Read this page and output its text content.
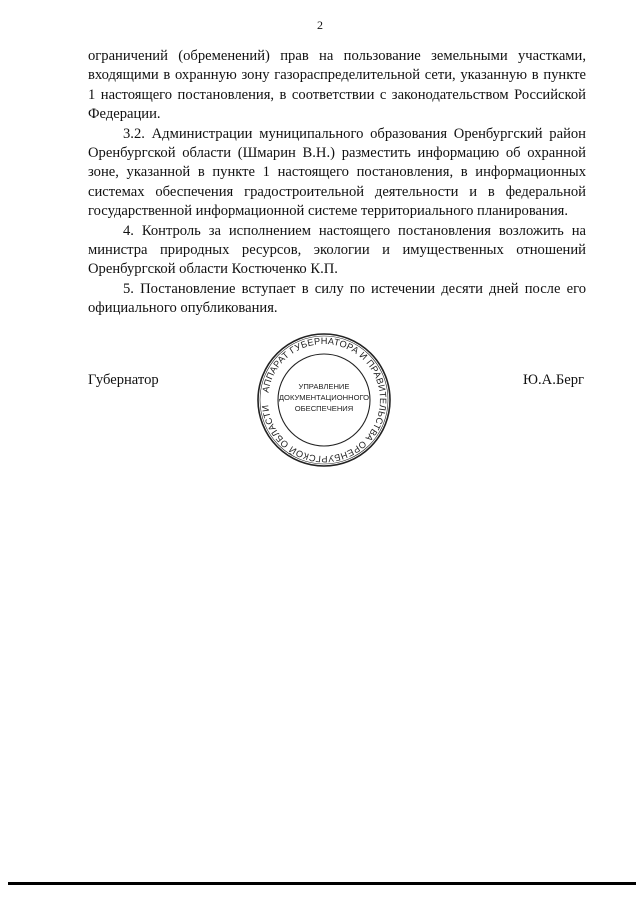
2

ограничений (обременений) прав на пользование земельными участками, входящими в охранную зону газораспределительной сети, указанную в пункте 1 настоящего постановления, в соответствии с законодательством Российской Федерации.

3.2. Администрации муниципального образования Оренбургский район Оренбургской области (Шмарин В.Н.) разместить информацию об охранной зоне, указанной в пункте 1 настоящего постановления, в информационных системах обеспечения градостроительной деятельности и в федеральной государственной информационной системе территориального планирования.

4. Контроль за исполнением настоящего постановления возложить на министра природных ресурсов, экологии и имущественных отношений Оренбургской области Костюченко К.П.

5. Постановление вступает в силу по истечении десяти дней после его официального опубликования.

Губернатор	Ю.А.Берг
АППАРАТ ГУБЕРНАТОРА И ПРАВИТЕЛЬСТВА ОРЕНБУРГСКОЙ ОБЛАСТИ
УПРАВЛЕНИЕ
ДОКУМЕНТАЦИОННОГО
ОБЕСПЕЧЕНИЯ
